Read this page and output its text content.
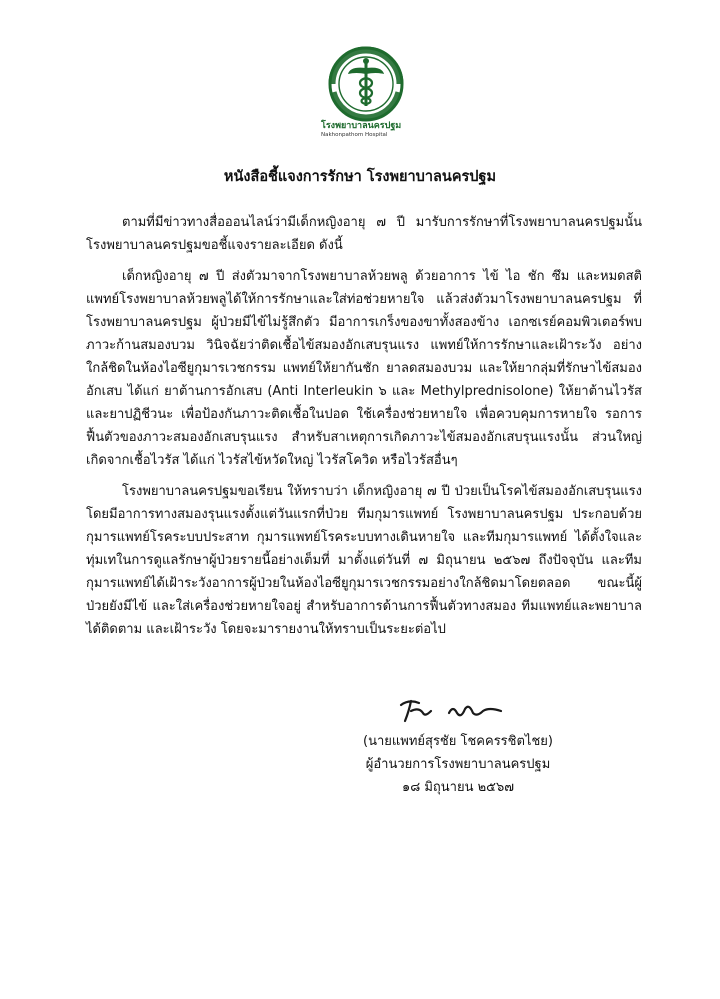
โรงพยาบาลนครปฐม
Nakhonpathom Hospital
หนังสือชี้แจงการรักษา โรงพยาบาลนครปฐม

ตามที่มีข่าวทางสื่อออนไลน์ว่ามีเด็กหญิงอายุ ๗ ปี มารับการรักษาที่โรงพยาบาลนครปฐมนั้น โรงพยาบาลนครปฐมขอชี้แจงรายละเอียด ดังนี้

เด็กหญิงอายุ ๗ ปี ส่งตัวมาจากโรงพยาบาลห้วยพลู ด้วยอาการ ไข้ ไอ ชัก ซึม และหมดสติ แพทย์โรงพยาบาลห้วยพลูได้ให้การรักษาและใส่ท่อช่วยหายใจ แล้วส่งตัวมาโรงพยาบาลนครปฐม ที่โรงพยาบาลนครปฐม ผู้ป่วยมีไข้ไม่รู้สึกตัว มีอาการเกร็งของขาทั้งสองข้าง เอกซเรย์คอมพิวเตอร์พบภาวะก้านสมองบวม วินิจฉัยว่าติดเชื้อไข้สมองอักเสบรุนแรง แพทย์ให้การรักษาและเฝ้าระวัง อย่างใกล้ชิดในห้องไอซียูกุมารเวชกรรม แพทย์ให้ยากันชัก ยาลดสมองบวม และให้ยากลุ่มที่รักษาไข้สมองอักเสบ ได้แก่ ยาต้านการอักเสบ (Anti Interleukin ๖ และ Methylprednisolone) ให้ยาต้านไวรัส และยาปฏิชีวนะ เพื่อป้องกันภาวะติดเชื้อในปอด ใช้เครื่องช่วยหายใจ เพื่อควบคุมการหายใจ รอการฟื้นตัวของภาวะสมองอักเสบรุนแรง สำหรับสาเหตุการเกิดภาวะไข้สมองอักเสบรุนแรงนั้น ส่วนใหญ่เกิดจากเชื้อไวรัส ได้แก่ ไวรัสไข้หวัดใหญ่ ไวรัสโควิด หรือไวรัสอื่นๆ

โรงพยาบาลนครปฐมขอเรียน ให้ทราบว่า เด็กหญิงอายุ ๗ ปี ป่วยเป็นโรคไข้สมองอักเสบรุนแรง โดยมีอาการทางสมองรุนแรงตั้งแต่วันแรกที่ป่วย ทีมกุมารแพทย์ โรงพยาบาลนครปฐม ประกอบด้วยกุมารแพทย์โรคระบบประสาท กุมารแพทย์โรคระบบทางเดินหายใจ และทีมกุมารแพทย์ ได้ตั้งใจและทุ่มเทในการดูแลรักษาผู้ป่วยรายนี้อย่างเต็มที่ มาตั้งแต่วันที่ ๗ มิถุนายน ๒๕๖๗ ถึงปัจจุบัน และทีมกุมารแพทย์ได้เฝ้าระวังอาการผู้ป่วยในห้องไอซียูกุมารเวชกรรมอย่างใกล้ชิดมาโดยตลอด ขณะนี้ผู้ป่วยยังมีไข้ และใส่เครื่องช่วยหายใจอยู่ สำหรับอาการด้านการฟื้นตัวทางสมอง ทีมแพทย์และพยาบาลได้ติดตาม และเฝ้าระวัง โดยจะมารายงานให้ทราบเป็นระยะต่อไป

(นายแพทย์สุรชัย โชคครรชิตไชย)
ผู้อำนวยการโรงพยาบาลนครปฐม
๑๘ มิถุนายน ๒๕๖๗
